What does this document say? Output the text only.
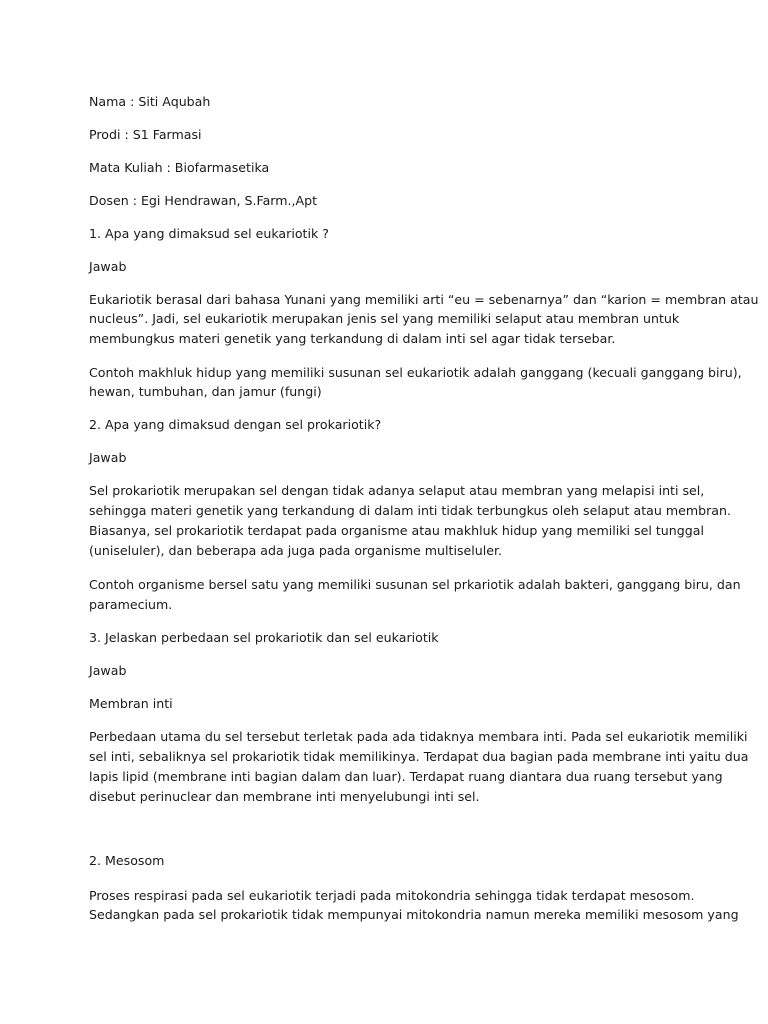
Nama : Siti Aqubah

Prodi : S1 Farmasi

Mata Kuliah : Biofarmasetika

Dosen : Egi Hendrawan, S.Farm.,Apt

1. Apa yang dimaksud sel eukariotik ?

Jawab

Eukariotik berasal dari bahasa Yunani yang memiliki arti “eu = sebenarnya” dan “karion = membran atau

nucleus”. Jadi, sel eukariotik merupakan jenis sel yang memiliki selaput atau membran untuk

membungkus materi genetik yang terkandung di dalam inti sel agar tidak tersebar.

Contoh makhluk hidup yang memiliki susunan sel eukariotik adalah ganggang (kecuali ganggang biru),

hewan, tumbuhan, dan jamur (fungi)

2. Apa yang dimaksud dengan sel prokariotik?

Jawab

Sel prokariotik merupakan sel dengan tidak adanya selaput atau membran yang melapisi inti sel,

sehingga materi genetik yang terkandung di dalam inti tidak terbungkus oleh selaput atau membran.

Biasanya, sel prokariotik terdapat pada organisme atau makhluk hidup yang memiliki sel tunggal

(uniseluler), dan beberapa ada juga pada organisme multiseluler.

Contoh organisme bersel satu yang memiliki susunan sel prkariotik adalah bakteri, ganggang biru, dan

paramecium.

3. Jelaskan perbedaan sel prokariotik dan sel eukariotik

Jawab

Membran inti

Perbedaan utama du sel tersebut terletak pada ada tidaknya membara inti. Pada sel eukariotik memiliki

sel inti, sebaliknya sel prokariotik tidak memilikinya. Terdapat dua bagian pada membrane inti yaitu dua

lapis lipid (membrane inti bagian dalam dan luar). Terdapat ruang diantara dua ruang tersebut yang

disebut perinuclear dan membrane inti menyelubungi inti sel.

2. Mesosom

Proses respirasi pada sel eukariotik terjadi pada mitokondria sehingga tidak terdapat mesosom.

Sedangkan pada sel prokariotik tidak mempunyai mitokondria namun mereka memiliki mesosom yang
